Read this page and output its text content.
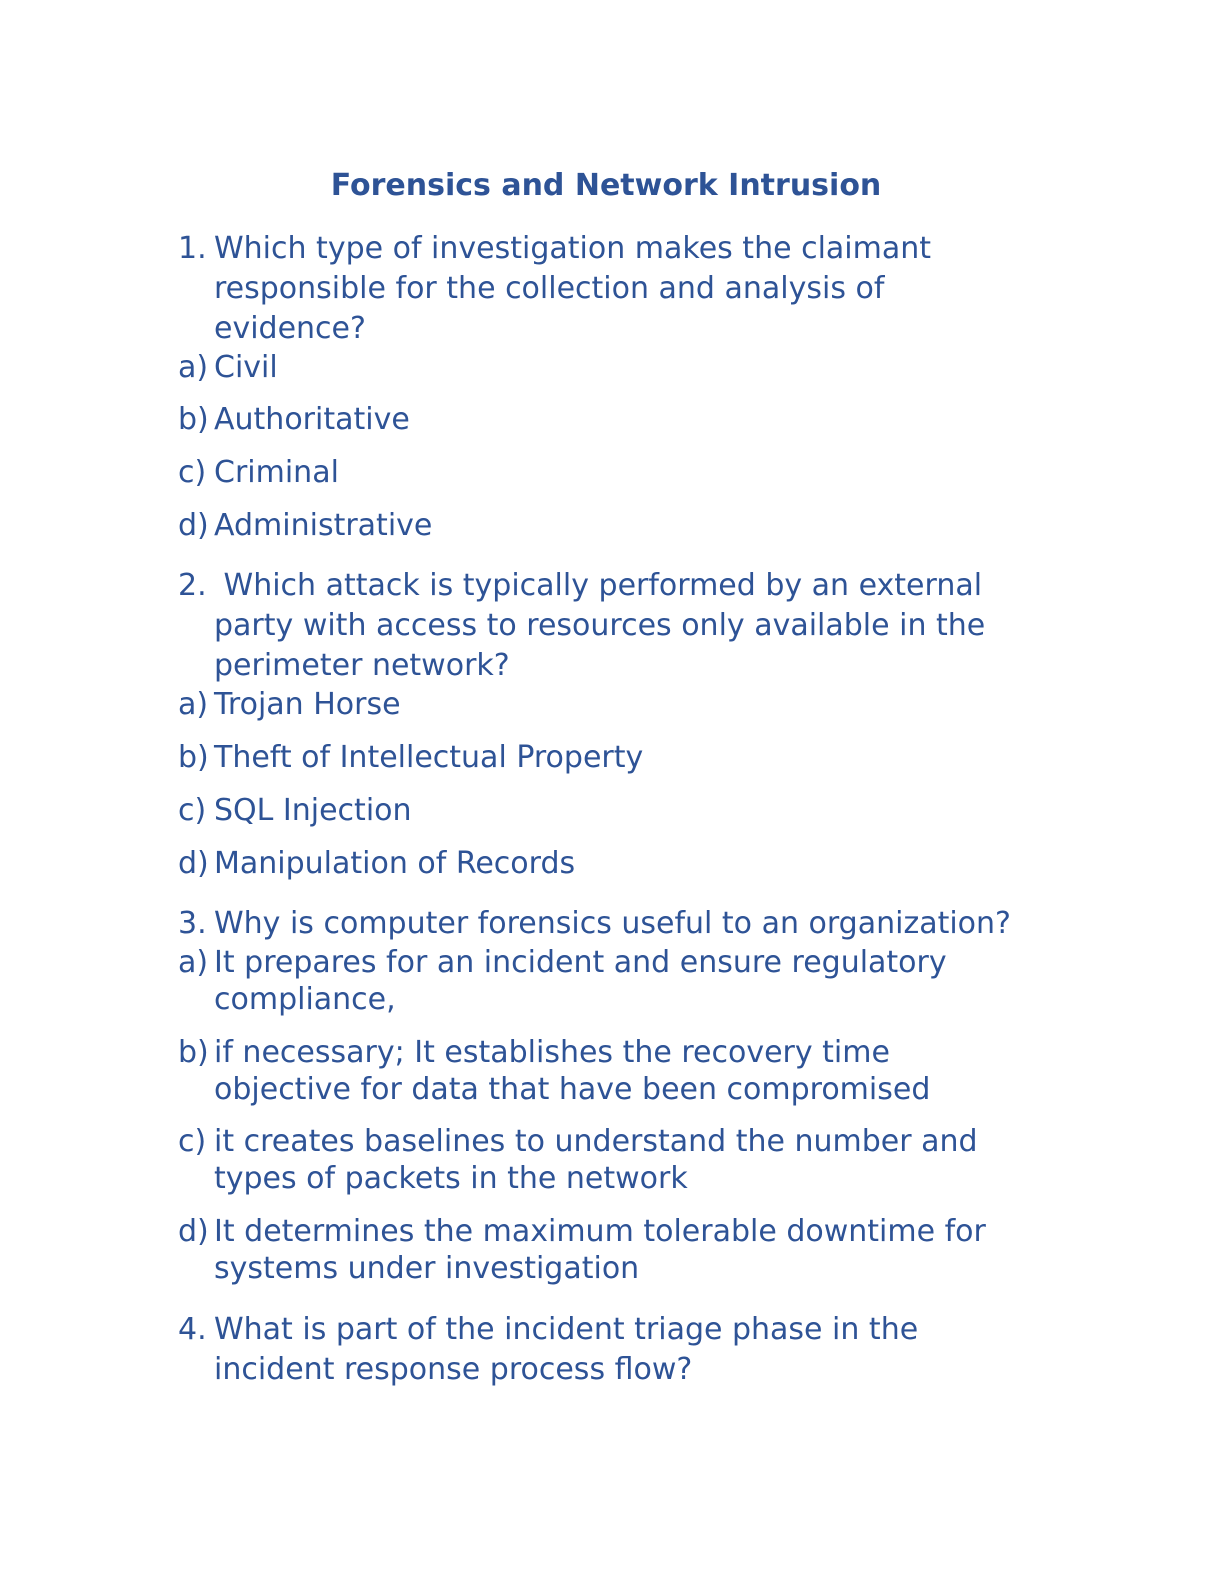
Forensics and Network Intrusion
1. Which type of investigation makes the claimant
responsible for the collection and analysis of
evidence?
a) Civil
b) Authoritative
c) Criminal
d) Administrative
2. Which attack is typically performed by an external
party with access to resources only available in the
perimeter network?
a) Trojan Horse
b) Theft of Intellectual Property
c) SQL Injection
d) Manipulation of Records
3. Why is computer forensics useful to an organization?
a) It prepares for an incident and ensure regulatory
compliance,
b) if necessary; It establishes the recovery time
objective for data that have been compromised
c) it creates baselines to understand the number and
types of packets in the network
d) It determines the maximum tolerable downtime for
systems under investigation
4. What is part of the incident triage phase in the
incident response process flow?
